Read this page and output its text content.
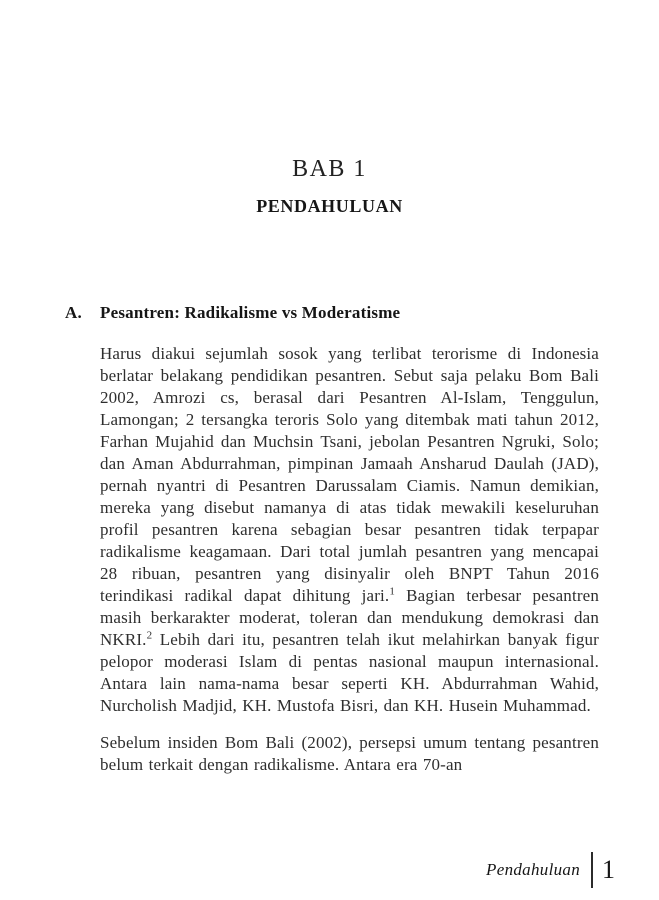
BAB 1
PENDAHULUAN
A. Pesantren: Radikalisme vs Moderatisme

Harus diakui sejumlah sosok yang terlibat terorisme di Indonesia berlatar belakang pendidikan pesantren. Sebut saja pelaku Bom Bali 2002, Amrozi cs, berasal dari Pesantren Al-Islam, Tenggulun, Lamongan; 2 tersangka teroris Solo yang ditembak mati tahun 2012, Farhan Mujahid dan Muchsin Tsani, jebolan Pesantren Ngruki, Solo; dan Aman Abdurrahman, pimpinan Jamaah Ansharud Daulah (JAD), pernah nyantri di Pesantren Darussalam Ciamis. Namun demikian, mereka yang disebut namanya di atas tidak mewakili keseluruhan profil pesantren karena sebagian besar pesantren tidak terpapar radikalisme keagamaan. Dari total jumlah pesantren yang mencapai 28 ribuan, pesantren yang disinyalir oleh BNPT Tahun 2016 terindikasi radikal dapat dihitung jari.$^1$ Bagian terbesar pesantren masih berkarakter moderat, toleran dan mendukung demokrasi dan NKRI.$^2$ Lebih dari itu, pesantren telah ikut melahirkan banyak figur pelopor moderasi Islam di pentas nasional maupun internasional. Antara lain nama-nama besar seperti KH. Abdurrahman Wahid, Nurcholish Madjid, KH. Mustofa Bisri, dan KH. Husein Muhammad.

Sebelum insiden Bom Bali (2002), persepsi umum tentang pesantren belum terkait dengan radikalisme. Antara era 70-an

Pendahuluan 1
